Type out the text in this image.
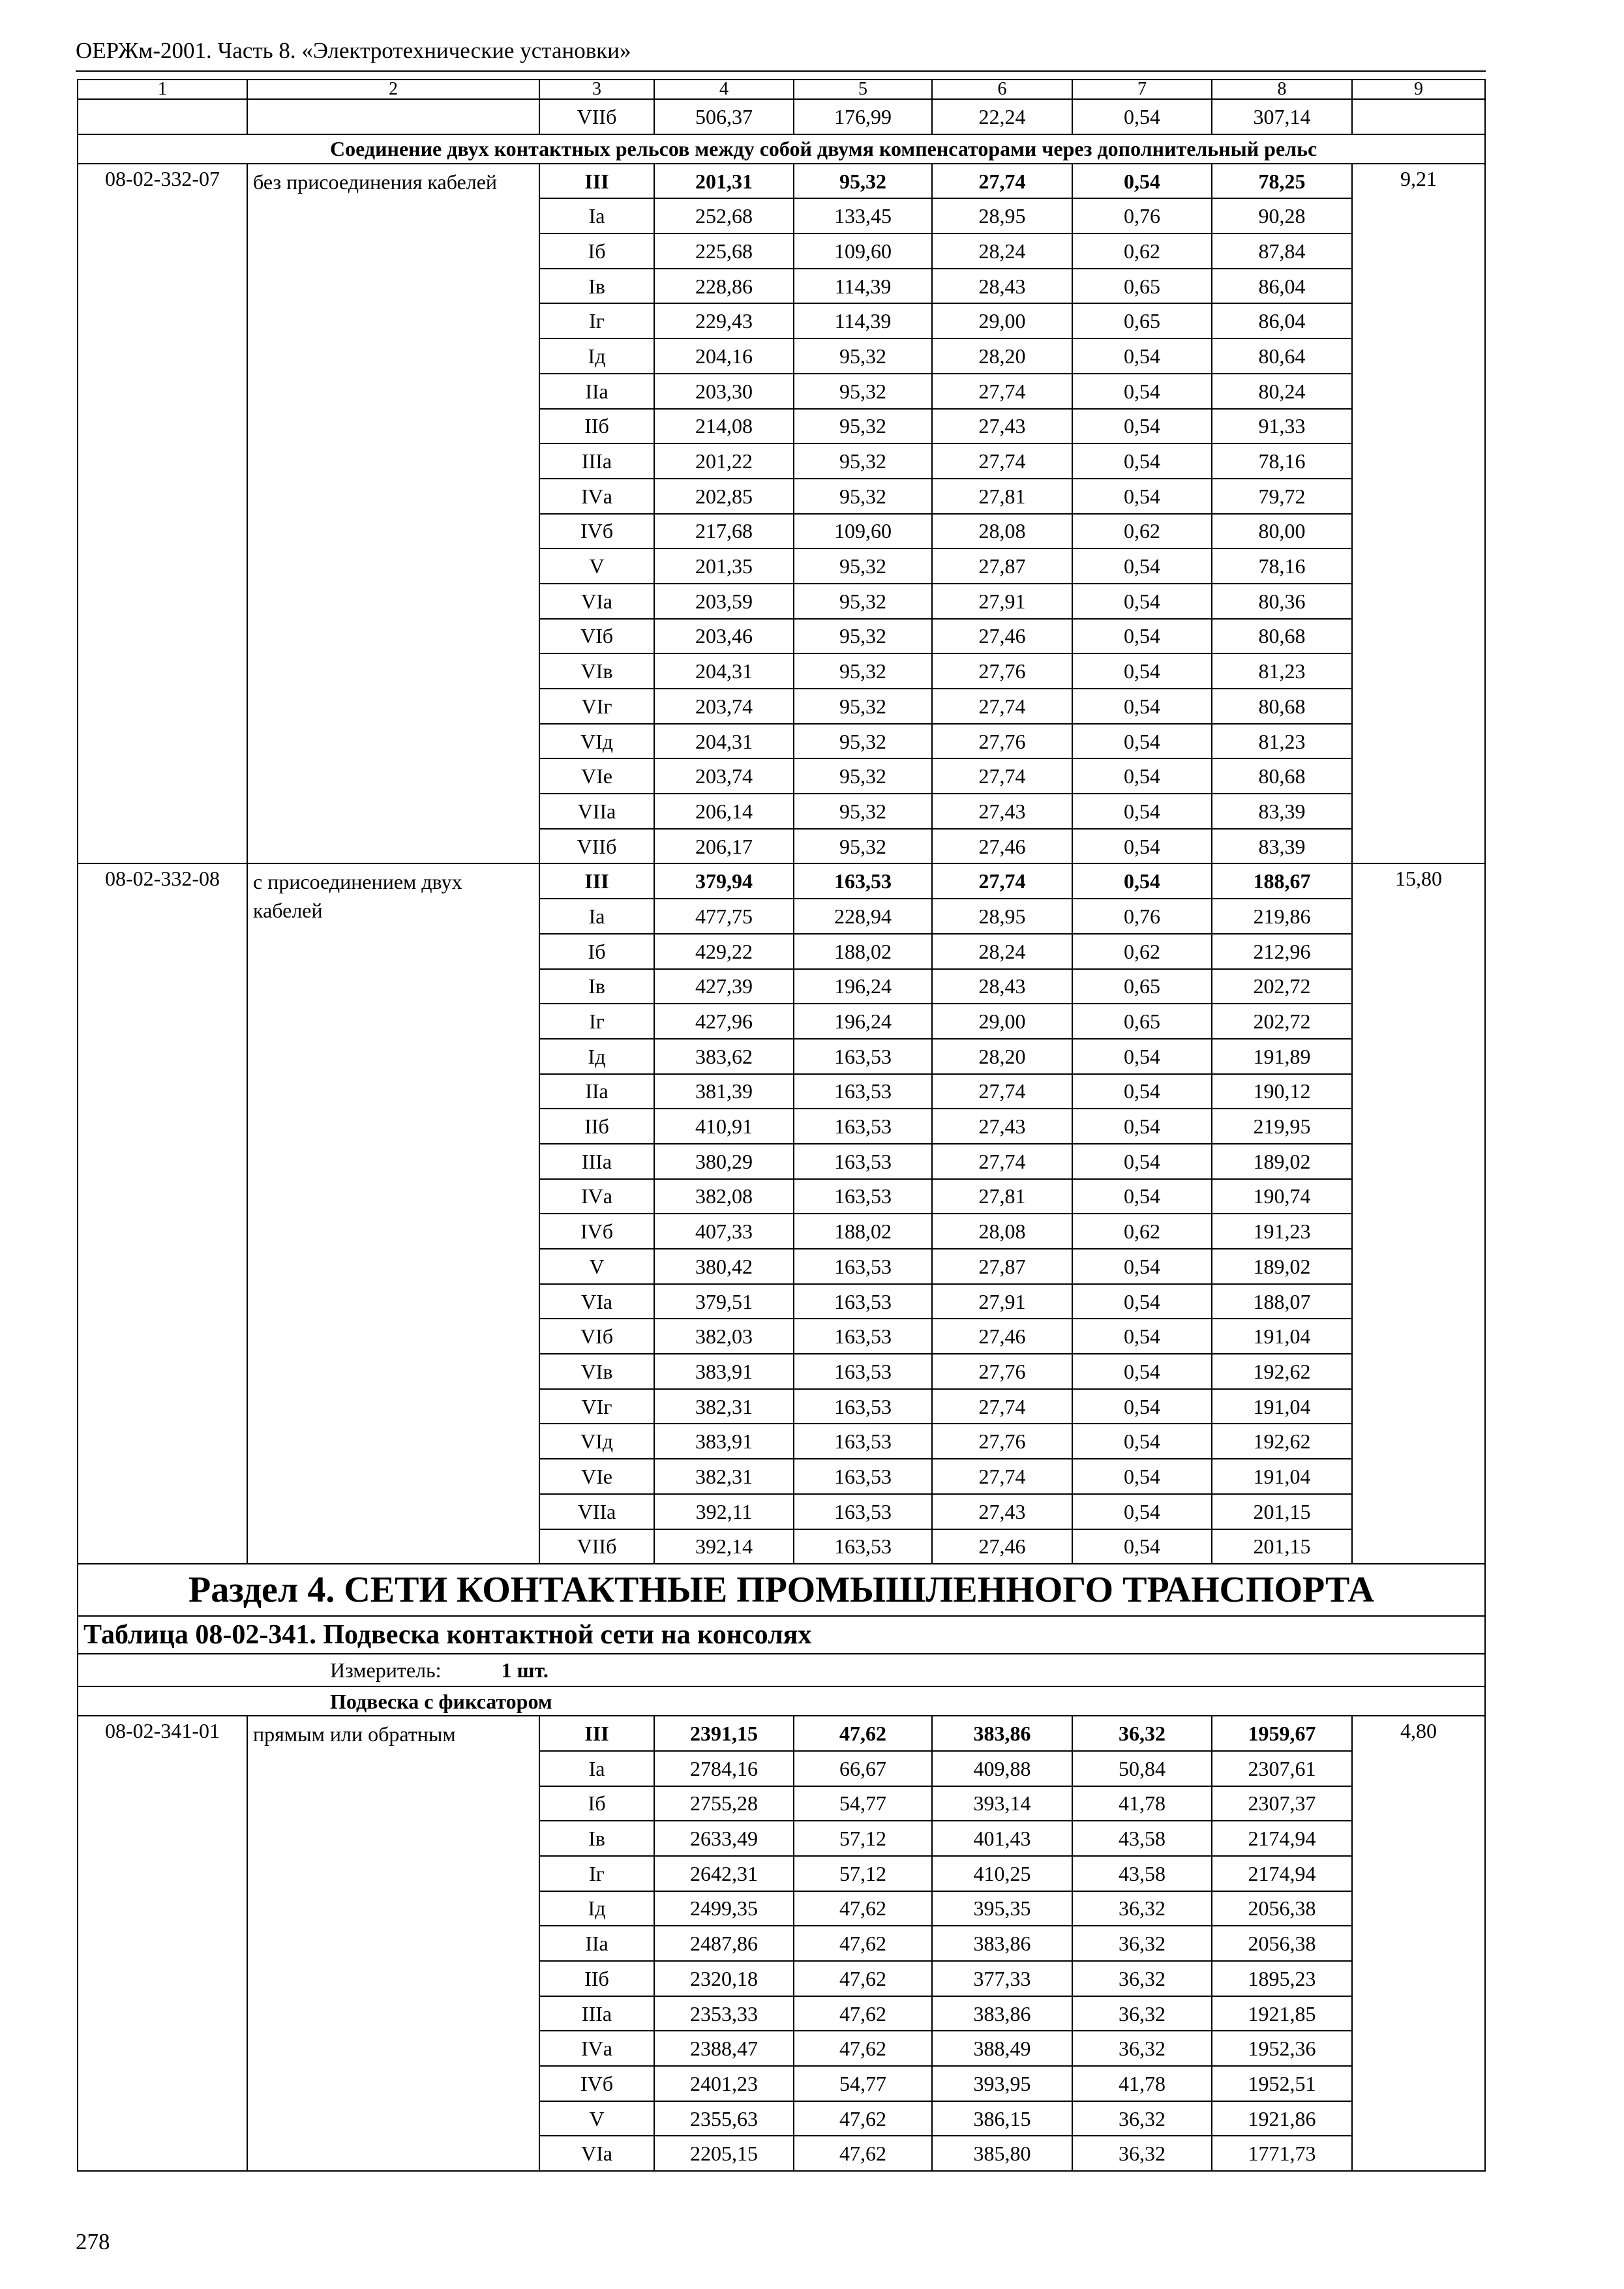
ОЕРЖм-2001. Часть 8. «Электротехнические установки»
1	2	3	4	5	6	7	8	9
		VIIб	506,37	176,99	22,24	0,54	307,14	
Соединение двух контактных рельсов между собой двумя компенсаторами через дополнительный рельс								
08-02-332-07	без присоединения кабелей	III	201,31	95,32	27,74	0,54	78,25	9,21
		Iа	252,68	133,45	28,95	0,76	90,28	
		Iб	225,68	109,60	28,24	0,62	87,84	
		Iв	228,86	114,39	28,43	0,65	86,04	
		Iг	229,43	114,39	29,00	0,65	86,04	
		Iд	204,16	95,32	28,20	0,54	80,64	
		IIа	203,30	95,32	27,74	0,54	80,24	
		IIб	214,08	95,32	27,43	0,54	91,33	
		IIIа	201,22	95,32	27,74	0,54	78,16	
		IVа	202,85	95,32	27,81	0,54	79,72	
		IVб	217,68	109,60	28,08	0,62	80,00	
		V	201,35	95,32	27,87	0,54	78,16	
		VIа	203,59	95,32	27,91	0,54	80,36	
		VIб	203,46	95,32	27,46	0,54	80,68	
		VIв	204,31	95,32	27,76	0,54	81,23	
		VIг	203,74	95,32	27,74	0,54	80,68	
		VIд	204,31	95,32	27,76	0,54	81,23	
		VIе	203,74	95,32	27,74	0,54	80,68	
		VIIа	206,14	95,32	27,43	0,54	83,39	
		VIIб	206,17	95,32	27,46	0,54	83,39	
08-02-332-08	с присоединением двух кабелей	III	379,94	163,53	27,74	0,54	188,67	15,80
		Iа	477,75	228,94	28,95	0,76	219,86	
		Iб	429,22	188,02	28,24	0,62	212,96	
		Iв	427,39	196,24	28,43	0,65	202,72	
		Iг	427,96	196,24	29,00	0,65	202,72	
		Iд	383,62	163,53	28,20	0,54	191,89	
		IIа	381,39	163,53	27,74	0,54	190,12	
		IIб	410,91	163,53	27,43	0,54	219,95	
		IIIа	380,29	163,53	27,74	0,54	189,02	
		IVа	382,08	163,53	27,81	0,54	190,74	
		IVб	407,33	188,02	28,08	0,62	191,23	
		V	380,42	163,53	27,87	0,54	189,02	
		VIа	379,51	163,53	27,91	0,54	188,07	
		VIб	382,03	163,53	27,46	0,54	191,04	
		VIв	383,91	163,53	27,76	0,54	192,62	
		VIг	382,31	163,53	27,74	0,54	191,04	
		VIд	383,91	163,53	27,76	0,54	192,62	
		VIе	382,31	163,53	27,74	0,54	191,04	
		VIIа	392,11	163,53	27,43	0,54	201,15	
		VIIб	392,14	163,53	27,46	0,54	201,15	
Раздел 4. СЕТИ КОНТАКТНЫЕ ПРОМЫШЛЕННОГО ТРАНСПОРТА								
Таблица 08-02-341. Подвеска контактной сети на консолях								
Измеритель: 1 шт.								
Подвеска с фиксатором								
08-02-341-01	прямым или обратным	III	2391,15	47,62	383,86	36,32	1959,67	4,80
		Iа	2784,16	66,67	409,88	50,84	2307,61	
		Iб	2755,28	54,77	393,14	41,78	2307,37	
		Iв	2633,49	57,12	401,43	43,58	2174,94	
		Iг	2642,31	57,12	410,25	43,58	2174,94	
		Iд	2499,35	47,62	395,35	36,32	2056,38	
		IIа	2487,86	47,62	383,86	36,32	2056,38	
		IIб	2320,18	47,62	377,33	36,32	1895,23	
		IIIа	2353,33	47,62	383,86	36,32	1921,85	
		IVа	2388,47	47,62	388,49	36,32	1952,36	
		IVб	2401,23	54,77	393,95	41,78	1952,51	
		V	2355,63	47,62	386,15	36,32	1921,86	
		VIа	2205,15	47,62	385,80	36,32	1771,73	
278
